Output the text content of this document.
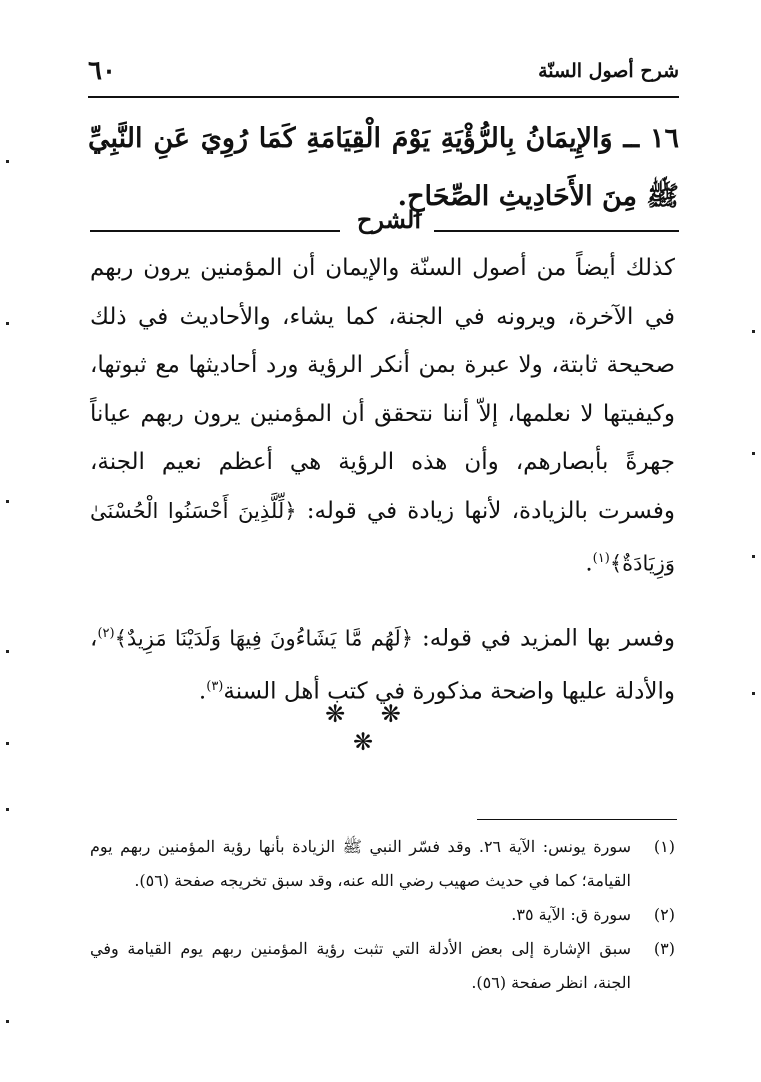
شرح أصول السنّة
٦٠
١٦ ــ وَالإِيمَانُ بِالرُّؤْيَةِ يَوْمَ الْقِيَامَةِ كَمَا رُوِيَ عَنِ النَّبِيِّ ﷺ مِنَ الأَحَادِيثِ الصِّحَاحِ.
الشرح

كذلك أيضاً من أصول السنّة والإيمان أن المؤمنين يرون ربهم في الآخرة، ويرونه في الجنة، كما يشاء، والأحاديث في ذلك صحيحة ثابتة، ولا عبرة بمن أنكر الرؤية ورد أحاديثها مع ثبوتها، وكيفيتها لا نعلمها، إلاّ أننا نتحقق أن المؤمنين يرون ربهم عياناً جهرةً بأبصارهم، وأن هذه الرؤية هي أعظم نعيم الجنة، وفسرت بالزيادة، لأنها زيادة في قوله: ﴿لِّلَّذِينَ أَحْسَنُوا الْحُسْنَىٰ وَزِيَادَةٌ﴾$^{(١)}$.

وفسر بها المزيد في قوله: ﴿لَهُم مَّا يَشَاءُونَ فِيهَا وَلَدَيْنَا مَزِيدٌ﴾$^{(٢)}$، والأدلة عليها واضحة مذكورة في كتب أهل السنة$^{(٣)}$.

❋ ❋ ❋
(١)
سورة يونس: الآية ٢٦. وقد فسّر النبي ﷺ الزيادة بأنها رؤية المؤمنين ربهم يوم القيامة؛ كما في حديث صهيب رضي الله عنه، وقد سبق تخريجه صفحة (٥٦).
(٢)
سورة ق: الآية ٣٥.
(٣)
سبق الإشارة إلى بعض الأدلة التي تثبت رؤية المؤمنين ربهم يوم القيامة وفي الجنة، انظر صفحة (٥٦).
